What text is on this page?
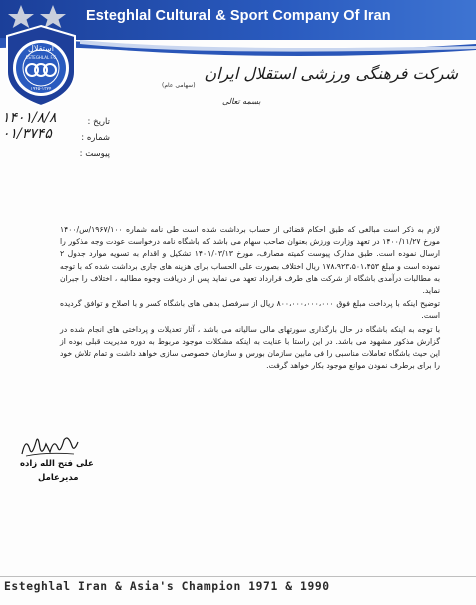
Esteghlal Cultural & Sport Company Of Iran
استقلال
ESTEGHLAL F.C
۱۹۴۵-۱۳۲۴
شرکت فرهنگی ورزشی استقلال ایران
(سهامی عام)
بسمه تعالی
تاریخ :
شماره :
پیوست :
۱۴۰۱/۸/۸
۰۱/۳۷۴۵

لازم به ذکر است مبالغی که طبق احکام قضائی از حساب برداشت شده است طی نامه شماره ۱۹۶۷/۱۰۰/س/۱۴۰۰ مورخ ۱۴۰۰/۱۱/۲۷ در تعهد وزارت ورزش بعنوان صاحب سهام می باشد که باشگاه نامه درخواست عودت وجه مذکور را ارسال نموده است. طبق مدارک پیوست کمیته مصارف، مورخ ۱۴۰۱/۰۳/۱۳ تشکیل و اقدام به تسویه موارد جدول ۲ نموده است و مبلغ ۱۷۸،۹۲۳،۵۰۱،۴۵۳ ریال اختلاف بصورت علی الحساب برای هزینه های جاری برداشت شده که با توجه به مطالبات درآمدی باشگاه از شرکت های طرف قرارداد تعهد می نماید پس از دریافت وجوه مطالبه ، اختلاف را جبران نماید.

توضیح اینکه با پرداخت مبلغ فوق ۸۰۰،۰۰۰،۰۰۰،۰۰۰ ریال از سرفصل بدهی های باشگاه کسر و با اصلاح و توافق گردیده است.

با توجه به اینکه باشگاه در حال بارگذاری سورتهای مالی سالیانه می باشد ، آثار تعدیلات و پرداختی های انجام شده در گزارش مذکور مشهود می باشد. در این راستا با عنایت به اینکه مشکلات موجود مربوط به دوره مدیریت قبلی بوده از این حیث باشگاه تعاملات مناسبی را فی مابین سازمان بورس و سازمان خصوصی سازی خواهد داشت و تمام تلاش خود را برای برطرف نمودن موانع موجود بکار خواهد گرفت.

علی فتح الله زاده
مدیرعامل
Esteghlal Iran & Asia's Champion 1971 & 1990
